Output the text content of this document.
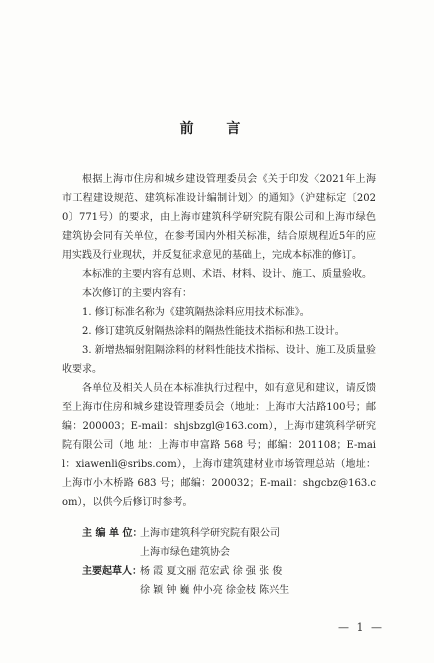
前 言

根据上海市住房和城乡建设管理委员会《关于印发〈2021年上海市工程建设规范、建筑标准设计编制计划〉的通知》（沪建标定〔2020〕771号）的要求，由上海市建筑科学研究院有限公司和上海市绿色建筑协会同有关单位，在参考国内外相关标准，结合原规程近5年的应用实践及行业现状，并反复征求意见的基础上，完成本标准的修订。

本标准的主要内容有总则、术语、材料、设计、施工、质量验收。

本次修订的主要内容有：

1. 修订标准名称为《建筑隔热涂料应用技术标准》。

2. 修订建筑反射隔热涂料的隔热性能技术指标和热工设计。

3. 新增热辐射阻隔涂料的材料性能技术指标、设计、施工及质量验收要求。

各单位及相关人员在本标准执行过程中，如有意见和建议，请反馈至上海市住房和城乡建设管理委员会（地址：上海市大沽路100号；邮编：200003；E-mail：shjsbzgl@163.com），上海市建筑科学研究院有限公司（地 址：上海市申富路 568 号；邮编：201108；E-mail：xiawenli@sribs.com），上海市建筑建材业市场管理总站（地址：上海市小木桥路 683 号；邮编：200032；E-mail：shgcbz@163.com），以供今后修订时参考。

主 编 单 位：
上海市建筑科学研究院有限公司
上海市绿色建筑协会
主要起草人：
杨 霞 夏文丽 范宏武 徐 强 张 俊
徐 颖 钟 巍 仲小亮 徐金枝 陈兴生
— 1 —
